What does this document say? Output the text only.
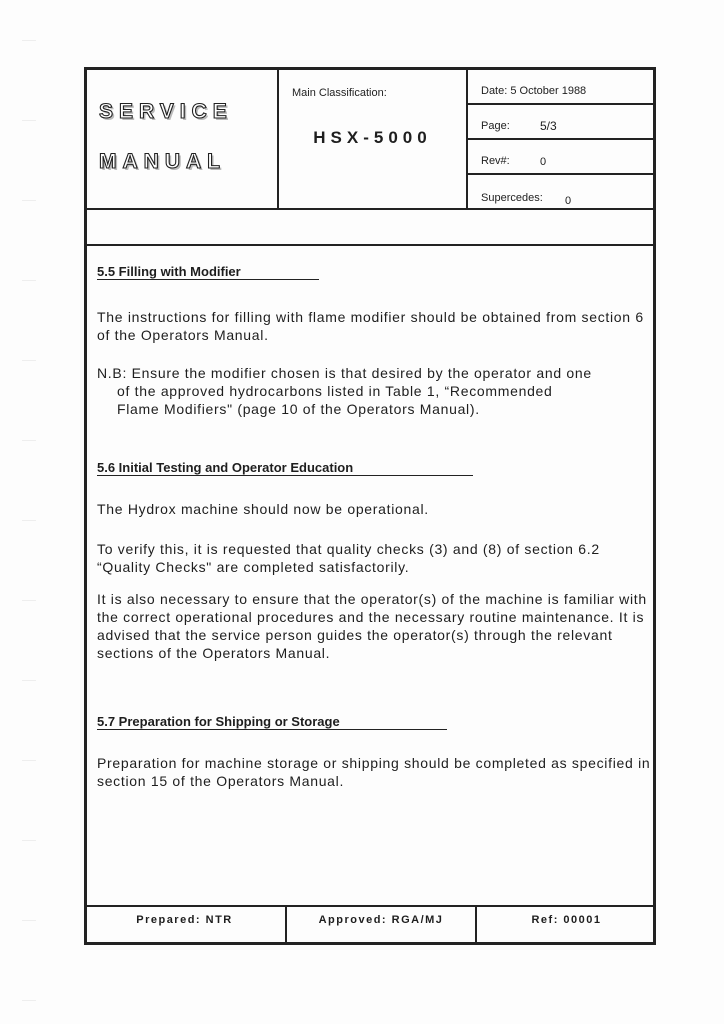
SERVICE
MANUAL
Main Classification:
HSX-5000
Date: 5 October 1988
Page:	5/3
Rev#:	0
Supercedes: 0
5.5 Filling with Modifier
The instructions for filling with flame modifier should be obtained from section 6 of the Operators Manual.
N.B: Ensure the modifier chosen is that desired by the operator and one
of the approved hydrocarbons listed in Table 1, “Recommended
Flame Modifiers" (page 10 of the Operators Manual).
5.6 Initial Testing and Operator Education
The Hydrox machine should now be operational.
To verify this, it is requested that quality checks (3) and (8) of section 6.2 “Quality Checks" are completed satisfactorily.
It is also necessary to ensure that the operator(s) of the machine is familiar with the correct operational procedures and the necessary routine maintenance. It is advised that the service person guides the operator(s) through the relevant sections of the Operators Manual.
5.7 Preparation for Shipping or Storage
Preparation for machine storage or shipping should be completed as specified in section 15 of the Operators Manual.
Prepared: NTR	Approved: RGA/MJ	Ref: 00001
